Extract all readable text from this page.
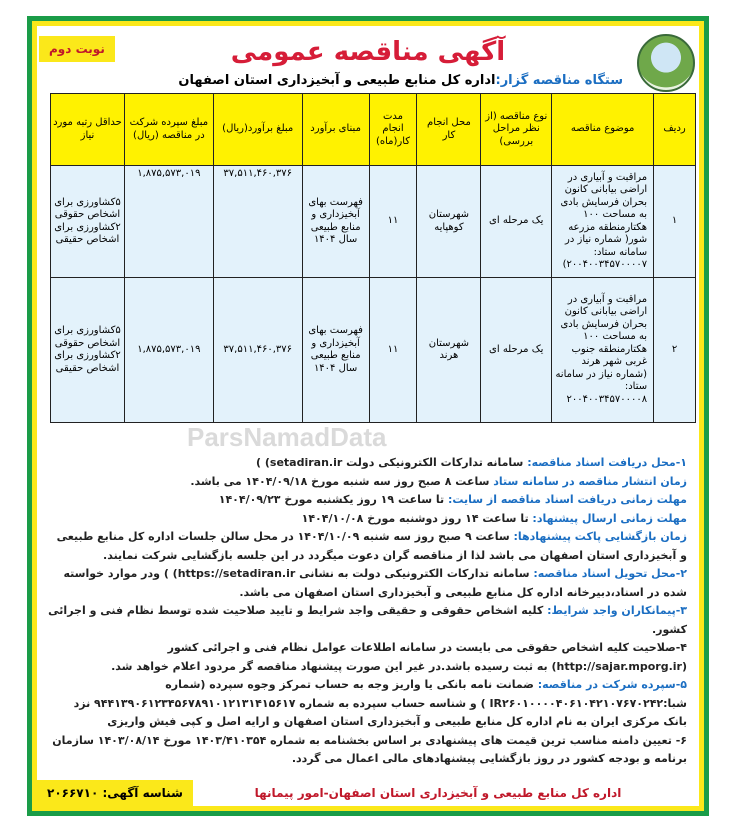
نوبت دوم	آگهی مناقصه عمومی
ستگاه مناقصه گزار:اداره کل منابع طبیعی و آبخیزداری استان اصفهان
ردیف	موضوع مناقصه	نوع مناقصه (از نظر مراحل بررسی)	محل انجام کار	مدت انجام کار(ماه)	مبنای برآورد	مبلغ برآورد(ریال)	مبلغ سپرده شرکت در مناقصه (ریال)	حداقل رتبه مورد نیاز
۱	مراقبت و آبیاری در اراضی بیابانی کانون بحران فرسایش بادی به مساحت ۱۰۰ هکتارمنطقه مزرعه شور( شماره نیاز در سامانه ستاد: ۲۰۰۴۰۰۳۴۵۷۰۰۰۰۷)	یک مرحله ای	شهرستان کوهپایه	۱۱	فهرست بهای آبخیزداری و منابع طبیعی سال ۱۴۰۴	۳۷,۵۱۱,۴۶۰,۳۷۶	۱,۸۷۵,۵۷۳,۰۱۹	۵کشاورزی برای اشخاص حقوقی ۲کشاورزی برای اشخاص حقیقی
۲	مراقبت و آبیاری در اراضی بیابانی کانون بحران فرسایش بادی به مساحت ۱۰۰ هکتارمنطقه جنوب غربی شهر هرند (شماره نیاز در سامانه ستاد: ۲۰۰۴۰۰۳۴۵۷۰۰۰۰۸	یک مرحله ای	شهرستان هرند	۱۱	فهرست بهای آبخیزداری و منابع طبیعی سال ۱۴۰۴	۳۷,۵۱۱,۴۶۰,۳۷۶	۱,۸۷۵,۵۷۳,۰۱۹	۵کشاورزی برای اشخاص حقوقی ۲کشاورزی برای اشخاص حقیقی
ParsNamadData
۱-محل دریافت اسناد مناقصه: سامانه تدارکات الکترونیکی دولت setadiran.ir) )
زمان انتشار مناقصه در سامانه ستاد ساعت ۸ صبح روز سه شنبه مورخ ۱۴۰۴/۰۹/۱۸ می باشد.
مهلت زمانی دریافت اسناد مناقصه از سایت: تا ساعت ۱۹ روز یکشنبه مورخ ۱۴۰۴/۰۹/۲۳
مهلت زمانی ارسال پیشنهاد: تا ساعت ۱۴ روز دوشنبه مورخ ۱۴۰۴/۱۰/۰۸
زمان بازگشایی پاکت پیشنهادها: ساعت ۹ صبح روز سه شنبه ۱۴۰۴/۱۰/۰۹ در محل سالن جلسات اداره کل منابع طبیعی و آبخیزداری استان اصفهان می باشد لذا از مناقصه گران دعوت میگردد در این جلسه بازگشایی شرکت نمایند.
۲-محل تحویل اسناد مناقصه: سامانه تدارکات الکترونیکی دولت به نشانی https://setadiran.ir) ) ودر موارد خواسته شده در اسناد،دبیرخانه اداره کل منابع طبیعی و آبخیزداری استان اصفهان می باشد.
۳-پیمانکاران واجد شرایط: کلیه اشخاص حقوقی و حقیقی واجد شرایط و تایید صلاحیت شده توسط نظام فنی و اجرائی کشور.
۴-صلاحیت کلیه اشخاص حقوقی می بایست در سامانه اطلاعات عوامل نظام فنی و اجرائی کشور (http://sajar.mporg.ir) به ثبت رسیده باشد.در غیر این صورت پیشنهاد مناقصه گر مردود اعلام خواهد شد.
۵-سپرده شرکت در مناقصه: ضمانت نامه بانکی یا واریز وجه به حساب تمرکز وجوه سپرده (شماره شبا:IR۲۶۰۱۰۰۰۰۴۰۶۱۰۴۲۱۰۷۶۷۰۲۴۲ ) و شناسه حساب سپرده به شماره ۹۴۴۱۳۹۰۶۱۲۳۴۵۶۷۸۹۱۰۱۲۱۳۱۴۱۵۶۱۷ نزد بانک مرکزی ایران به نام اداره کل منابع طبیعی و آبخیزداری استان اصفهان و ارایه اصل و کپی فیش واریزی
۶- تعیین دامنه مناسب ترین قیمت های پیشنهادی بر اساس بخشنامه به شماره ۱۴۰۳/۴۱۰۳۵۴ مورخ ۱۴۰۳/۰۸/۱۴ سازمان برنامه و بودجه کشور در روز بازگشایی پیشنهادهای مالی اعمال می گردد.
اداره کل منابع طبیعی و آبخیزداری استان اصفهان-امور پیمانها
شناسه آگهی: ۲۰۶۶۷۱۰
